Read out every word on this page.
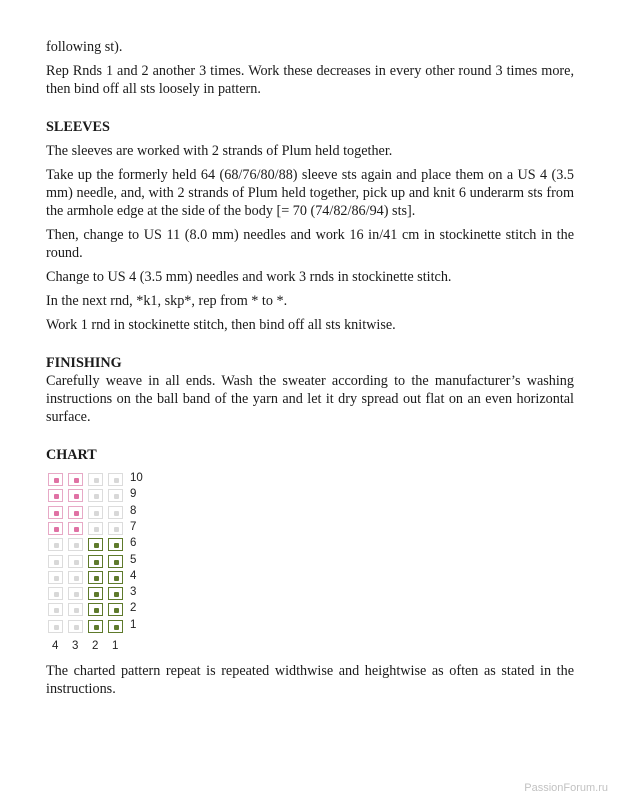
following st).

Rep Rnds 1 and 2 another 3 times. Work these decreases in every other round 3 times more, then bind off all sts loosely in pattern.

SLEEVES

The sleeves are worked with 2 strands of Plum held together.

Take up the formerly held 64 (68/76/80/88) sleeve sts again and place them on a US 4 (3.5 mm) needle, and, with 2 strands of Plum held together, pick up and knit 6 underarm sts from the armhole edge at the side of the body [= 70 (74/82/86/94) sts].

Then, change to US 11 (8.0 mm) needles and work 16 in/41 cm in stockinette stitch in the round.

Change to US 4 (3.5 mm) needles and work 3 rnds in stockinette stitch.

In the next rnd, *k1, skp*, rep from * to *.

Work 1 rnd in stockinette stitch, then bind off all sts knitwise.

FINISHING

Carefully weave in all ends. Wash the sweater according to the manufacturer’s washing instructions on the ball band of the yarn and let it dry spread out flat on an even horizontal surface.

CHART
10
9
8
7
6
5
4
3
2
1
4 3 2 1

The charted pattern repeat is repeated widthwise and heightwise as often as stated in the instructions.

PassionForum.ru
